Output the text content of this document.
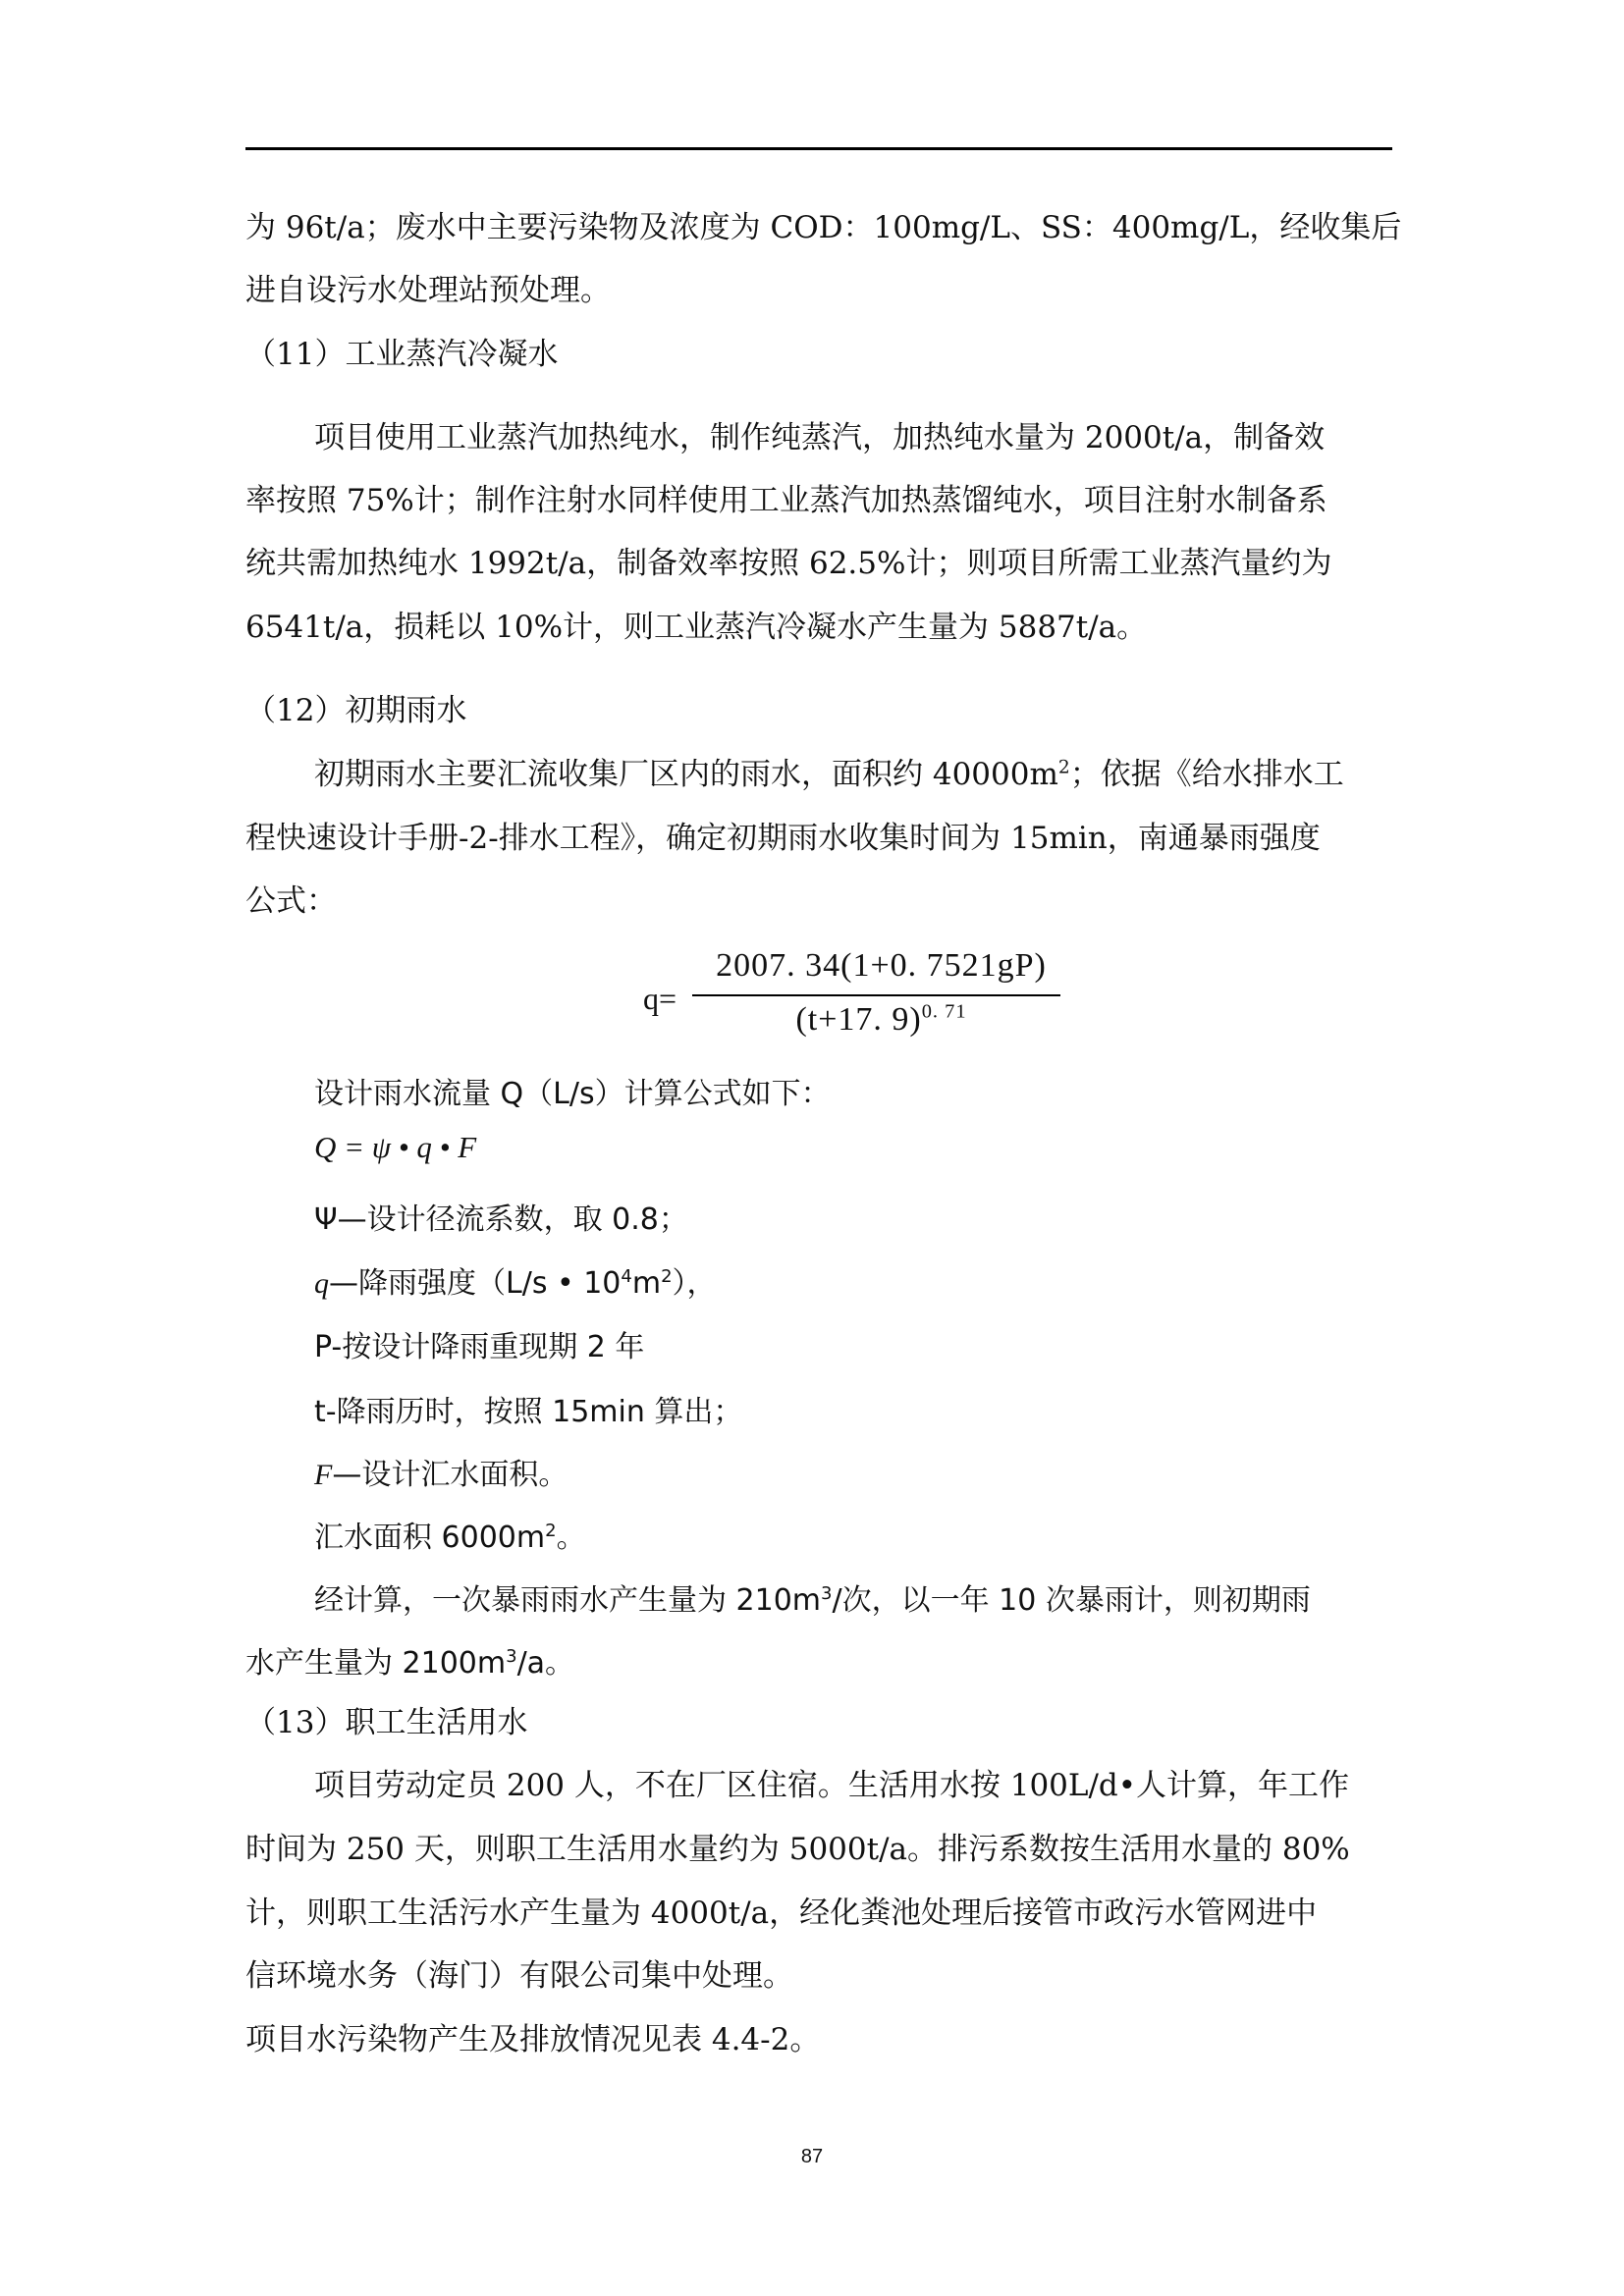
为 96t/a；废水中主要污染物及浓度为 COD：100mg/L、SS：400mg/L，经收集后
进自设污水处理站预处理。
（11）工业蒸汽冷凝水
项目使用工业蒸汽加热纯水，制作纯蒸汽，加热纯水量为 2000t/a，制备效
率按照 75%计；制作注射水同样使用工业蒸汽加热蒸馏纯水，项目注射水制备系
统共需加热纯水 1992t/a，制备效率按照 62.5%计；则项目所需工业蒸汽量约为
6541t/a，损耗以 10%计，则工业蒸汽冷凝水产生量为 5887t/a。
（12）初期雨水
初期雨水主要汇流收集厂区内的雨水，面积约 $40000m^2$；依据《给水排水工
程快速设计手册-2-排水工程》，确定初期雨水收集时间为 15min，南通暴雨强度
公式：
q=
2007. 34(1+0. 7521gP)
(t+17. 9)$^{0. 71}$
设计雨水流量 Q（L/s）计算公式如下：
Q = ψ • q • F
Ψ—设计径流系数，取 0.8；
q—降雨强度（L/s • $10^4m^2$），
P-按设计降雨重现期 2 年
t-降雨历时，按照 15min 算出；
F—设计汇水面积。
汇水面积 $6000m^2$。
经计算，一次暴雨雨水产生量为 $210m^3/$次，以一年 10 次暴雨计，则初期雨
水产生量为 $2100m^3/a$。
（13）职工生活用水
项目劳动定员 200 人，不在厂区住宿。生活用水按 100L/d•人计算，年工作
时间为 250 天，则职工生活用水量约为 5000t/a。排污系数按生活用水量的 80%
计，则职工生活污水产生量为 4000t/a，经化粪池处理后接管市政污水管网进中
信环境水务（海门）有限公司集中处理。
项目水污染物产生及排放情况见表 4.4-2。
87
